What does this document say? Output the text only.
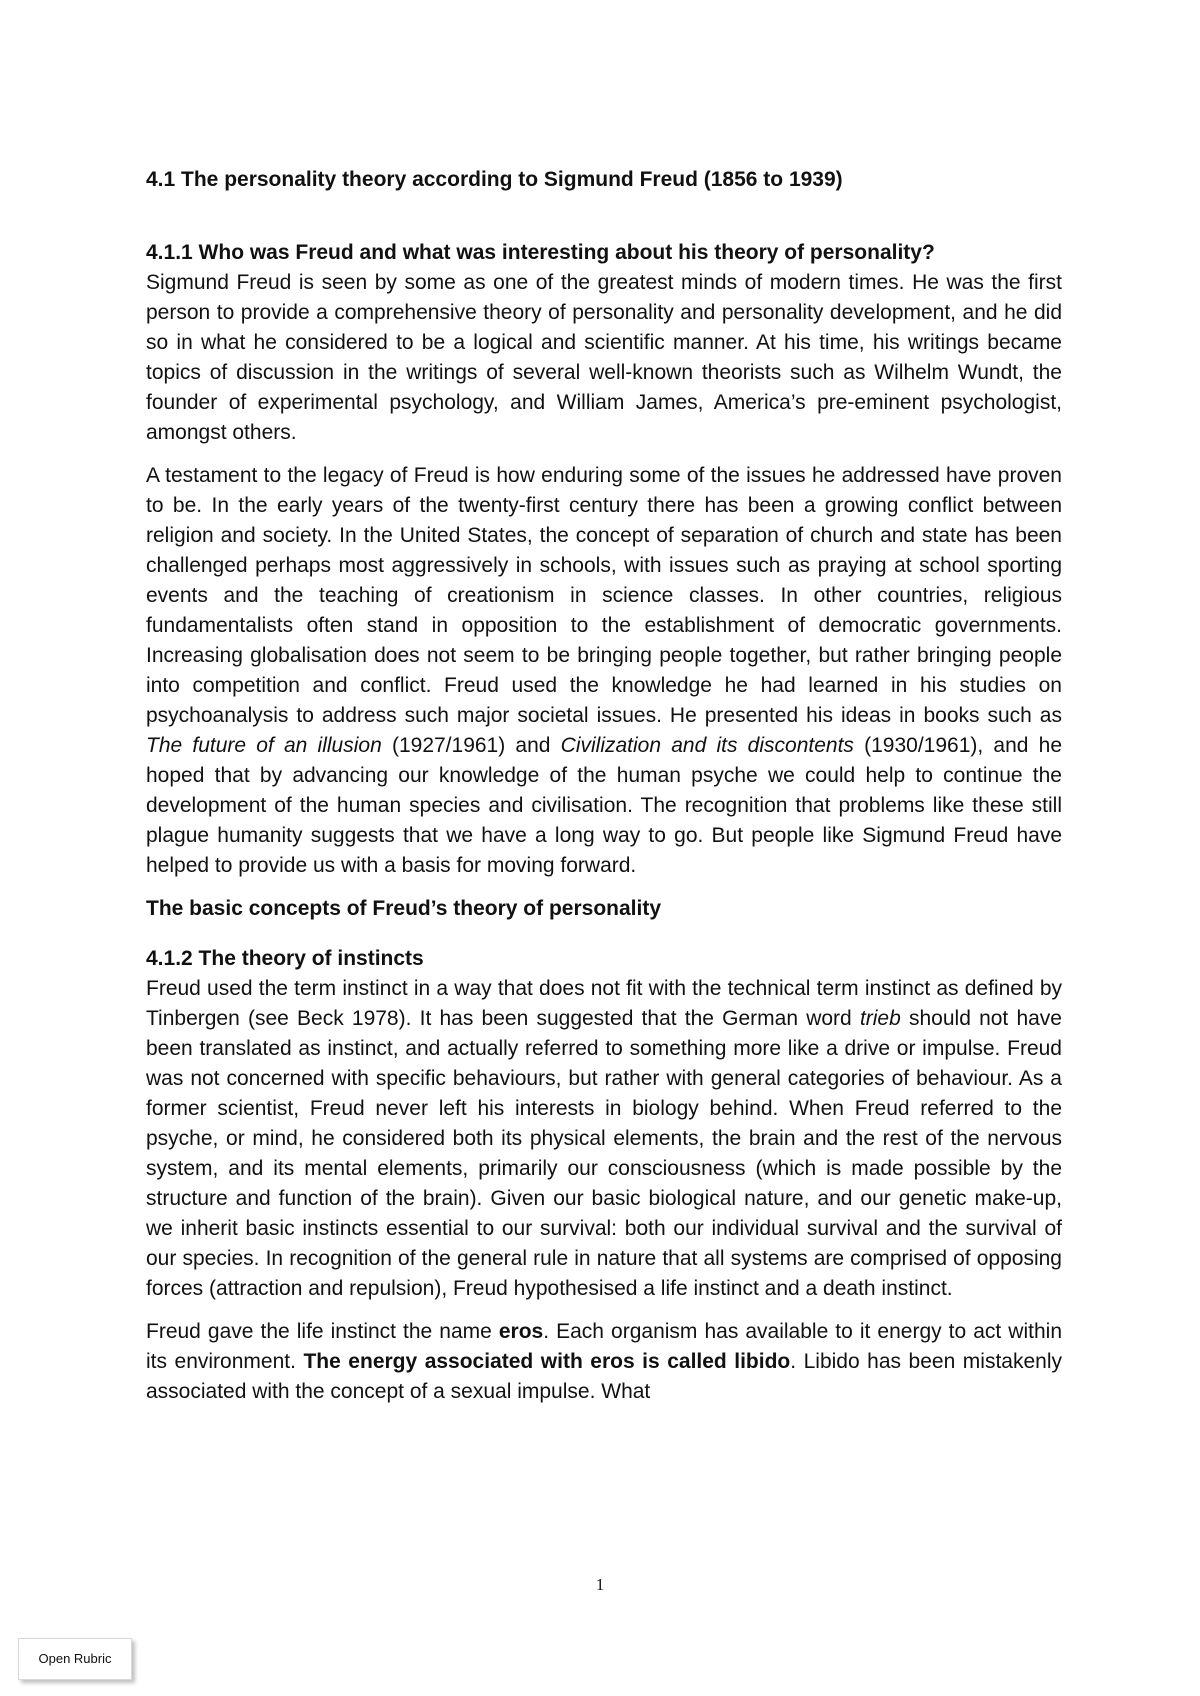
4.1 The personality theory according to Sigmund Freud (1856 to 1939)
4.1.1 Who was Freud and what was interesting about his theory of personality?

Sigmund Freud is seen by some as one of the greatest minds of modern times. He was the first person to provide a comprehensive theory of personality and personality development, and he did so in what he considered to be a logical and scientific manner. At his time, his writings became topics of discussion in the writings of several well-known theorists such as Wilhelm Wundt, the founder of experimental psychology, and William James, America’s pre-eminent psychologist, amongst others.

A testament to the legacy of Freud is how enduring some of the issues he addressed have proven to be. In the early years of the twenty-first century there has been a growing conflict between religion and society. In the United States, the concept of separation of church and state has been challenged perhaps most aggressively in schools, with issues such as praying at school sporting events and the teaching of creationism in science classes. In other countries, religious fundamentalists often stand in opposition to the establishment of democratic governments. Increasing globalisation does not seem to be bringing people together, but rather bringing people into competition and conflict. Freud used the knowledge he had learned in his studies on psychoanalysis to address such major societal issues. He presented his ideas in books such as The future of an illusion (1927/1961) and Civilization and its discontents (1930/1961), and he hoped that by advancing our knowledge of the human psyche we could help to continue the development of the human species and civilisation. The recognition that problems like these still plague humanity suggests that we have a long way to go. But people like Sigmund Freud have helped to provide us with a basis for moving forward.

The basic concepts of Freud’s theory of personality
4.1.2 The theory of instincts

Freud used the term instinct in a way that does not fit with the technical term instinct as defined by Tinbergen (see Beck 1978). It has been suggested that the German word trieb should not have been translated as instinct, and actually referred to something more like a drive or impulse. Freud was not concerned with specific behaviours, but rather with general categories of behaviour. As a former scientist, Freud never left his interests in biology behind. When Freud referred to the psyche, or mind, he considered both its physical elements, the brain and the rest of the nervous system, and its mental elements, primarily our consciousness (which is made possible by the structure and function of the brain). Given our basic biological nature, and our genetic make-up, we inherit basic instincts essential to our survival: both our individual survival and the survival of our species. In recognition of the general rule in nature that all systems are comprised of opposing forces (attraction and repulsion), Freud hypothesised a life instinct and a death instinct.

Freud gave the life instinct the name eros. Each organism has available to it energy to act within its environment. The energy associated with eros is called libido. Libido has been mistakenly associated with the concept of a sexual impulse. What

1
Open Rubric
